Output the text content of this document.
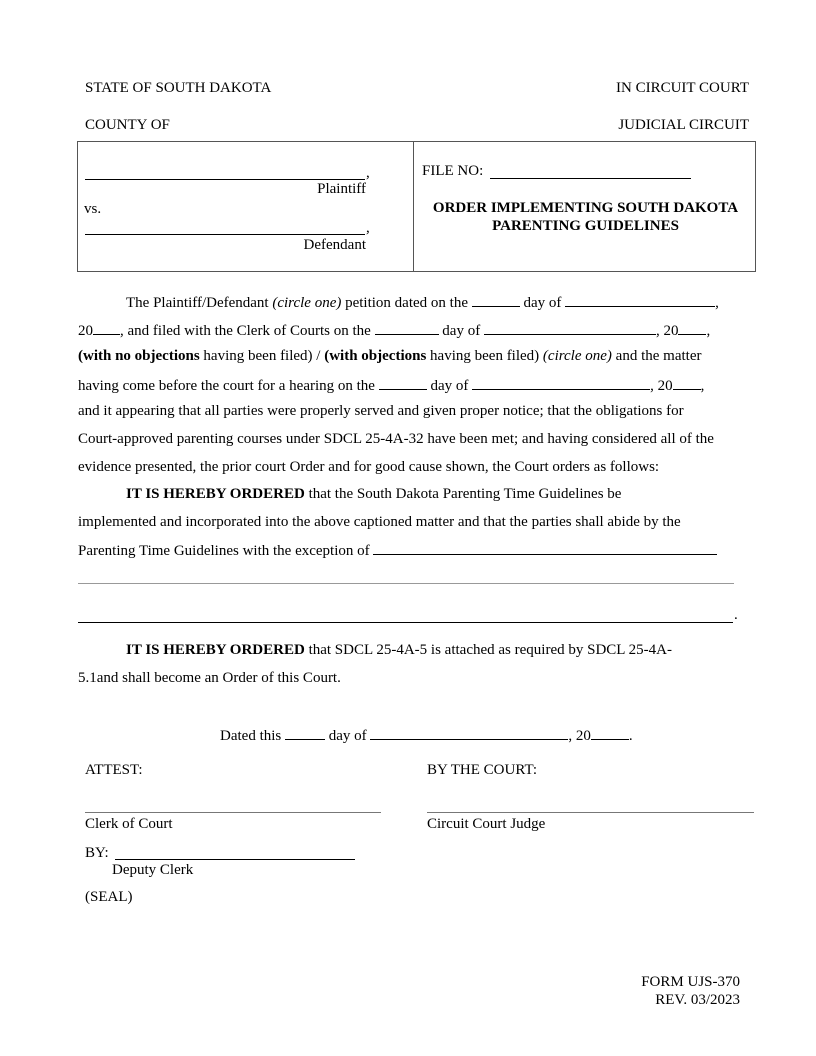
STATE OF SOUTH DAKOTA	IN CIRCUIT COURT
COUNTY OF	JUDICIAL CIRCUIT
,
Plaintiff
vs.
,
Defendant
FILE NO:
ORDER IMPLEMENTING SOUTH DAKOTA
PARENTING GUIDELINES
The Plaintiff/Defendant (circle one) petition dated on the	day of	,
20 , and filed with the Clerk of Courts on the	day of	, 20 ,
(with no objections having been filed) / (with objections having been filed) (circle one) and the matter
having come before the court for a hearing on the	day of	, 20 ,
and it appearing that all parties were properly served and given proper notice; that the obligations for
Court-approved parenting courses under SDCL 25-4A-32 have been met; and having considered all of the
evidence presented, the prior court Order and for good cause shown, the Court orders as follows:
IT IS HEREBY ORDERED that the South Dakota Parenting Time Guidelines be
implemented and incorporated into the above captioned matter and that the parties shall abide by the
Parenting Time Guidelines with the exception of
.
IT IS HEREBY ORDERED that SDCL 25-4A-5 is attached as required by SDCL 25-4A-
5.1and shall become an Order of this Court.
Dated this	day of	, 20	.
ATTEST:	BY THE COURT:
Clerk of Court	Circuit Court Judge
BY:
Deputy Clerk
(SEAL)
FORM UJS-370
REV. 03/2023
